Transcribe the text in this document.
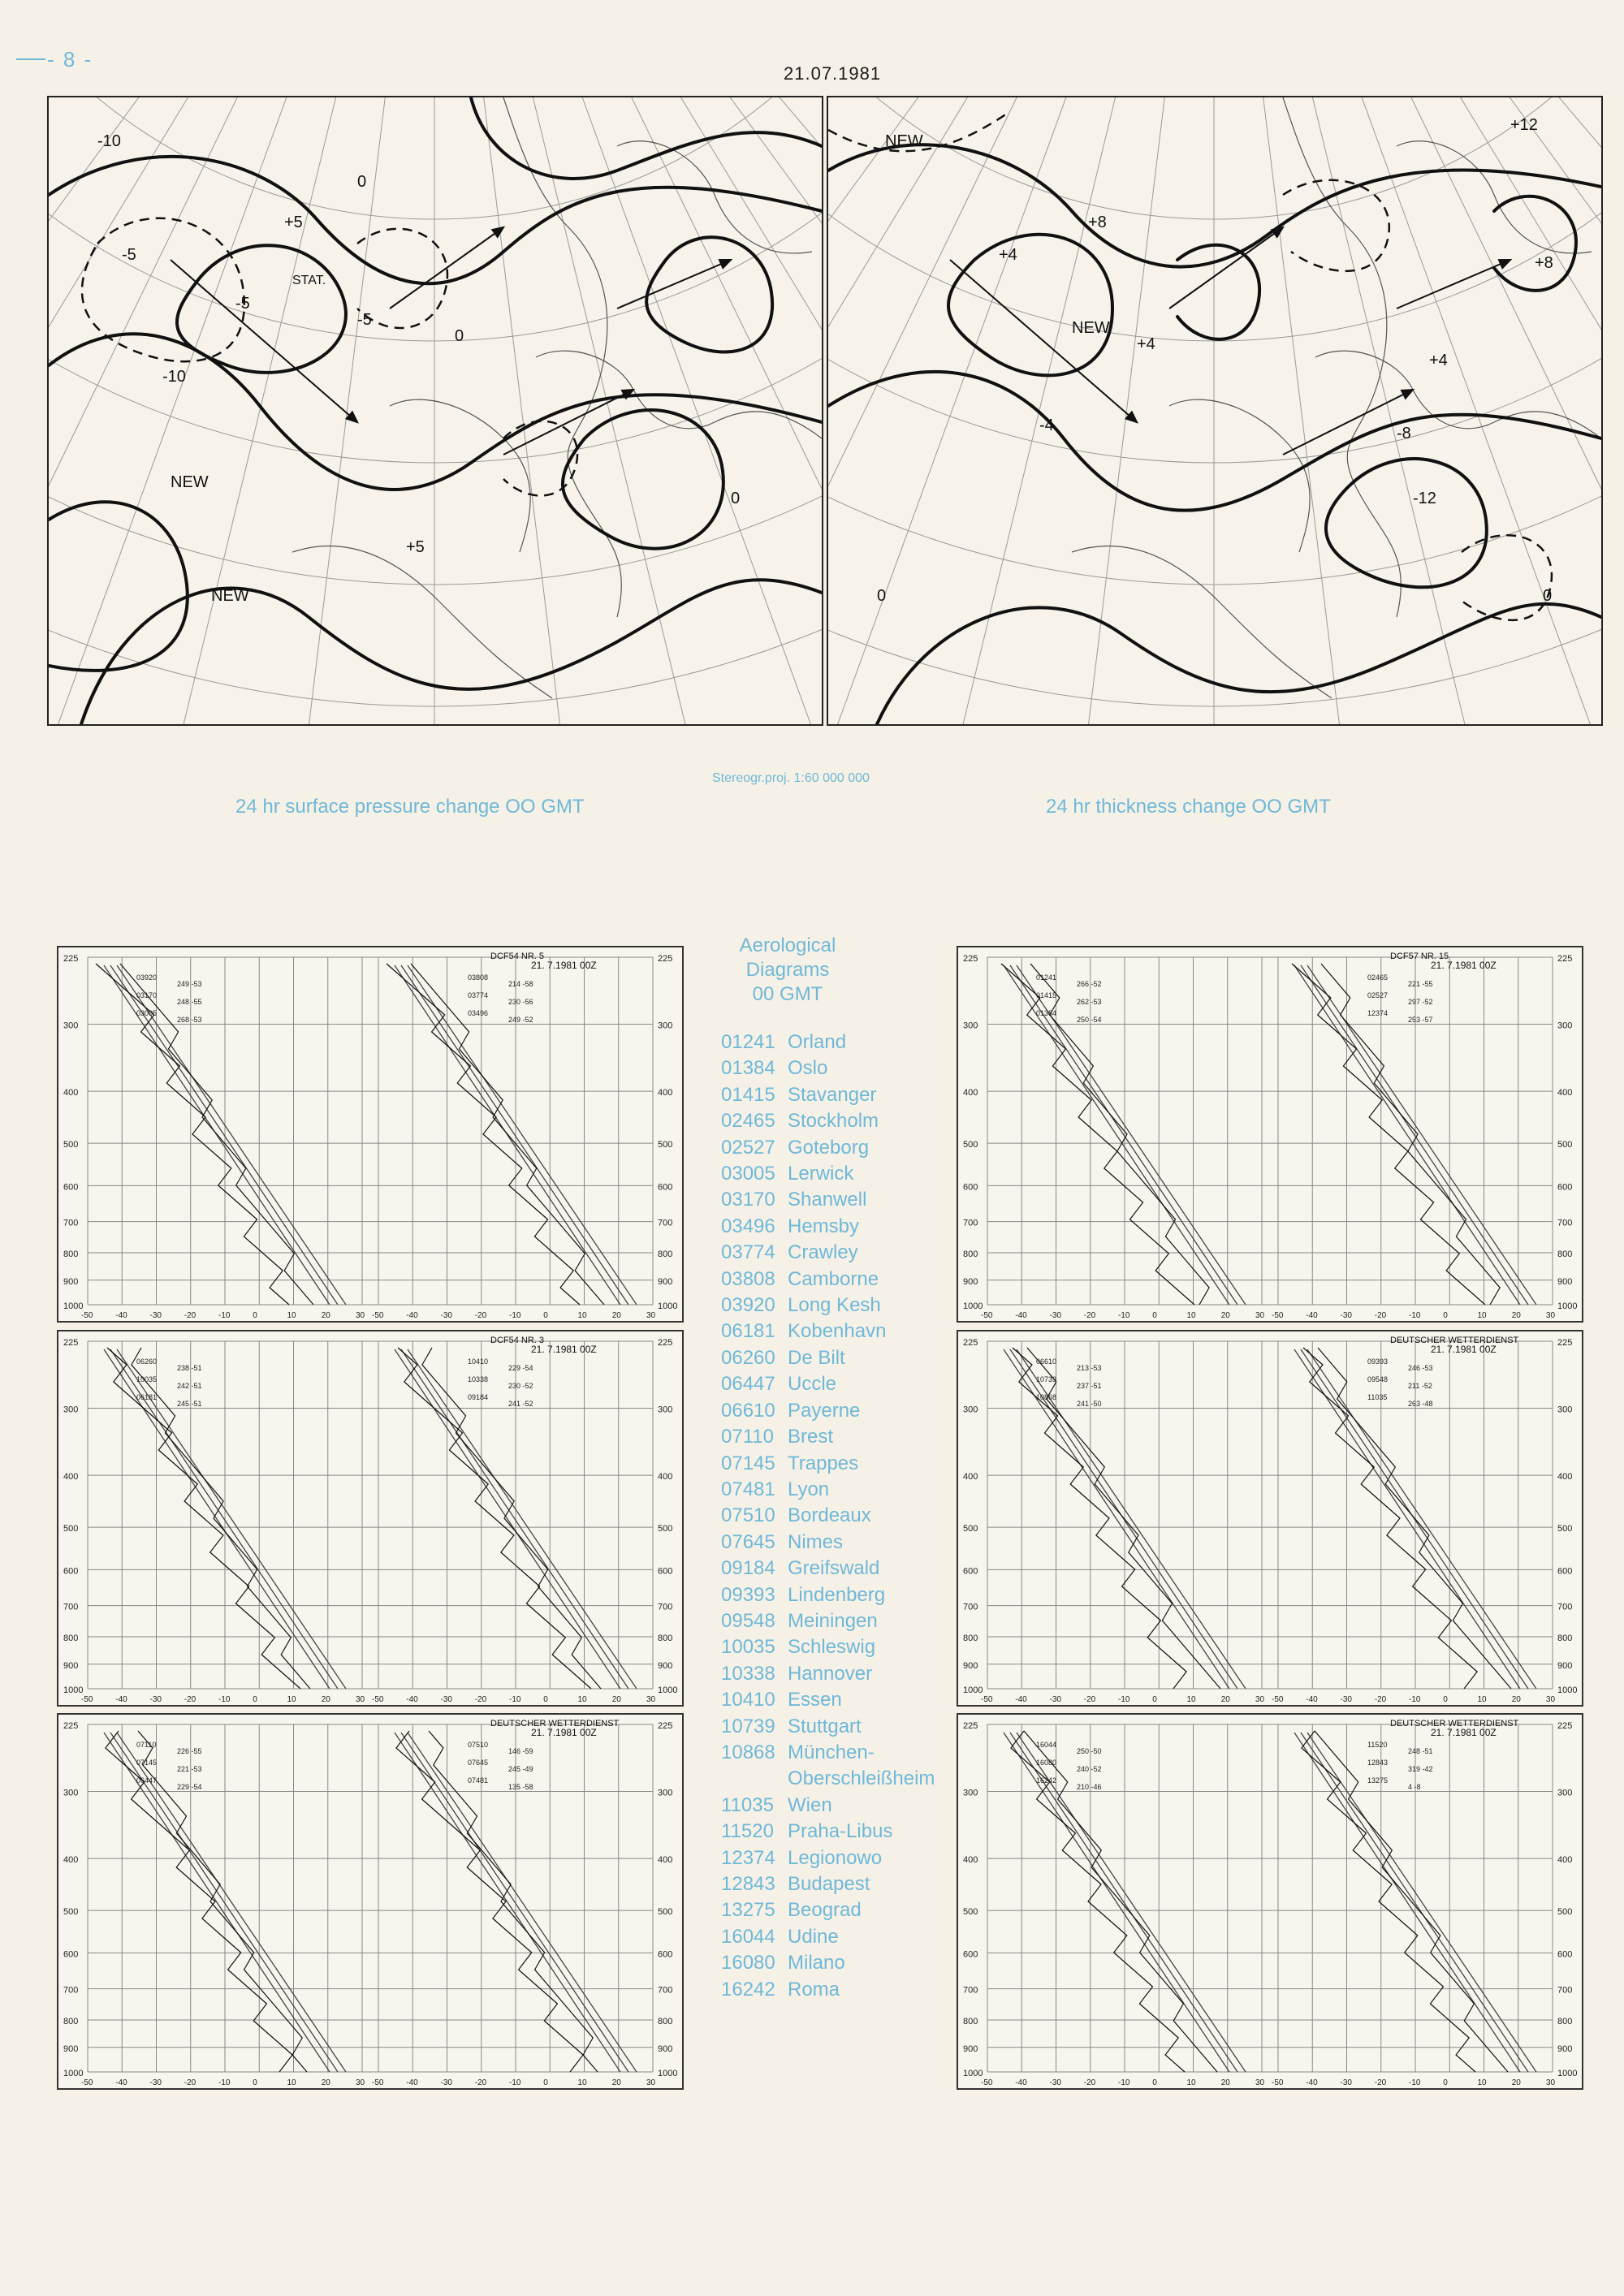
- 8 -
21.07.1981
-10
-5
-5
-10
+5
+5
-5
NEW
NEW
STAT.
0
0
0
NEW
+4
+8
+4
+12
-8
-4
-12
+8
+4
NEW
0	0
Stereogr.proj. 1:60 000 000
24 hr surface pressure change OO GMT	24 hr thickness change OO GMT
Aerological
Diagrams
00 GMT
01241 Orland
01384 Oslo
01415 Stavanger
02465 Stockholm
02527 Goteborg
03005 Lerwick
03170 Shanwell
03496 Hemsby
03774 Crawley
03808 Camborne
03920 Long Kesh
06181 Kobenhavn
06260 De Bilt
06447 Uccle
06610 Payerne
07110 Brest
07145 Trappes
07481 Lyon
07510 Bordeaux
07645 Nimes
09184 Greifswald
09393 Lindenberg
09548 Meiningen
10035 Schleswig
10338 Hannover
10410 Essen
10739 Stuttgart
10868 München-
Oberschleißheim
11035 Wien
11520 Praha-Libus
12374 Legionowo
12843 Budapest
13275 Beograd
16044 Udine
16080 Milano
16242 Roma
225	225
300	300
400	400
500	500
600	600
700	700
800	800
900	900
1000	1000
-50	-40	-30	-20	-10	0	10	20	30 -50	-40	-30	-20	-10	0	10	20	30
21. 7.1981 00Z
DCF54 NR. 5
03920
249 -53
03170
248 -55
03005
268 -53
03808
214 -58
03774
230 -56
03496
249 -52
225	225
300	300
400	400
500	500
600	600
700	700
800	800
900	900
1000	1000
-50	-40	-30	-20	-10	0	10	20	30 -50	-40	-30	-20	-10	0	10	20	30
21. 7.1981 00Z
DCF57 NR. 15
01241
266 -52
01415
262 -53
01384
250 -54
02465
221 -55
02527
297 -52
12374
253 -57
225	225
300	300
400	400
500	500
600	600
700	700
800	800
900	900
1000	1000
-50	-40	-30	-20	-10	0	10	20	30 -50	-40	-30	-20	-10	0	10	20	30
21. 7.1981 00Z
DCF54 NR. 3
06260
238 -51
10035
242 -51
06181
245 -51
10410
229 -54
10338
230 -52
09184
241 -52
225	225
300	300
400	400
500	500
600	600
700	700
800	800
900	900
1000	1000
-50	-40	-30	-20	-10	0	10	20	30 -50	-40	-30	-20	-10	0	10	20	30
21. 7.1981 00Z
DEUTSCHER WETTERDIENST
06610
213 -53
10739
237 -51
10868
241 -50
09393
246 -53
09548
211 -52
11035
263 -48
225	225
300	300
400	400
500	500
600	600
700	700
800	800
900	900
1000	1000
-50	-40	-30	-20	-10	0	10	20	30 -50	-40	-30	-20	-10	0	10	20	30
21. 7.1981 00Z
DEUTSCHER WETTERDIENST
07110
226 -55
07145
221 -53
06447
229 -54
07510
146 -59
07645
245 -49
07481
135 -58
225	225
300	300
400	400
500	500
600	600
700	700
800	800
900	900
1000	1000
-50	-40	-30	-20	-10	0	10	20	30 -50	-40	-30	-20	-10	0	10	20	30
21. 7.1981 00Z
DEUTSCHER WETTERDIENST
16044
250 -50
16080
240 -52
16242
210 -46
11520
248 -51
12843
319 -42
13275
4 -8
